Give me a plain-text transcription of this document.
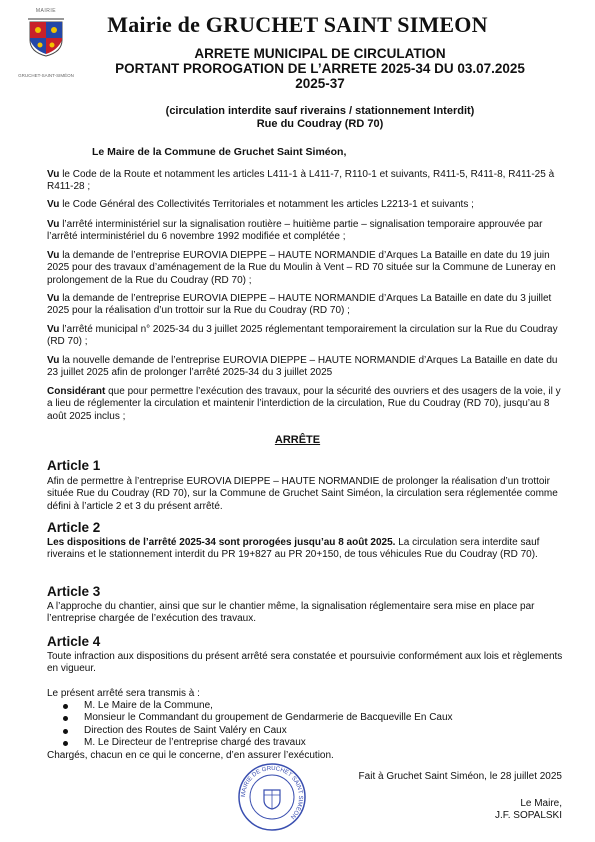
MAIRIE
GRUCHET-SAINT-SIMÉON
Mairie de GRUCHET SAINT SIMEON
ARRETE MUNICIPAL DE CIRCULATION
PORTANT PROROGATION DE L’ARRETE 2025-34 DU 03.07.2025
2025-37
(circulation interdite sauf riverains / stationnement Interdit)
Rue du Coudray (RD 70)
Le Maire de la Commune de Gruchet Saint Siméon,

Vu le Code de la Route et notamment les articles L411-1 à L411-7, R110-1 et suivants, R411-5, R411-8, R411-25 à R411-28 ;

Vu le Code Général des Collectivités Territoriales et notamment les articles L2213-1 et suivants ;

Vu l’arrêté interministériel sur la signalisation routière – huitième partie – signalisation temporaire approuvée par l’arrêté interministériel du 6 novembre 1992 modifiée et complétée ;

Vu la demande de l’entreprise EUROVIA DIEPPE – HAUTE NORMANDIE d’Arques La Bataille en date du 19 juin 2025 pour des travaux d’aménagement de la Rue du Moulin à Vent – RD 70 située sur la Commune de Luneray en prolongement de la Rue du Coudray (RD 70) ;

Vu la demande de l’entreprise EUROVIA DIEPPE – HAUTE NORMANDIE d’Arques La Bataille en date du 3 juillet 2025 pour la réalisation d’un trottoir sur la Rue du Coudray (RD 70) ;

Vu l’arrêté municipal n° 2025-34 du 3 juillet 2025 réglementant temporairement la circulation sur la Rue du Coudray (RD 70) ;

Vu la nouvelle demande de l’entreprise EUROVIA DIEPPE – HAUTE NORMANDIE d’Arques La Bataille en date du 23 juillet 2025 afin de prolonger l’arrêté 2025-34 du 3 juillet 2025

Considérant que pour permettre l’exécution des travaux, pour la sécurité des ouvriers et des usagers de la voie, il y a lieu de réglementer la circulation et maintenir l’interdiction de la circulation, Rue du Coudray (RD 70), jusqu’au 8 août 2025 inclus ;

ARRÊTE
Article 1

Afin de permettre à l’entreprise EUROVIA DIEPPE – HAUTE NORMANDIE de prolonger la réalisation d’un trottoir située Rue du Coudray (RD 70), sur la Commune de Gruchet Saint Siméon, la circulation sera réglementée comme défini à l’article 2 et 3 du présent arrêté.

Article 2

Les dispositions de l’arrêté 2025-34 sont prorogées jusqu’au 8 août 2025. La circulation sera interdite sauf riverains et le stationnement interdit du PR 19+827 au PR 20+150, de tous véhicules Rue du Coudray (RD 70).

Article 3

A l’approche du chantier, ainsi que sur le chantier même, la signalisation réglementaire sera mise en place par l’entreprise chargée de l’exécution des travaux.

Article 4

Toute infraction aux dispositions du présent arrêté sera constatée et poursuivie conformément aux lois et règlements en vigueur.

Le présent arrêté sera transmis à :
M. Le Maire de la Commune,
Monsieur le Commandant du groupement de Gendarmerie de Bacqueville En Caux
Direction des Routes de Saint Valéry en Caux
M. Le Directeur de l’entreprise chargé des travaux
Chargés, chacun en ce qui le concerne, d’en assurer l’exécution.
MAIRIE DE GRUCHET SAINT SIMÉON
Fait à Gruchet Saint Siméon, le 28 juillet 2025
Le Maire,
J.F. SOPALSKI
